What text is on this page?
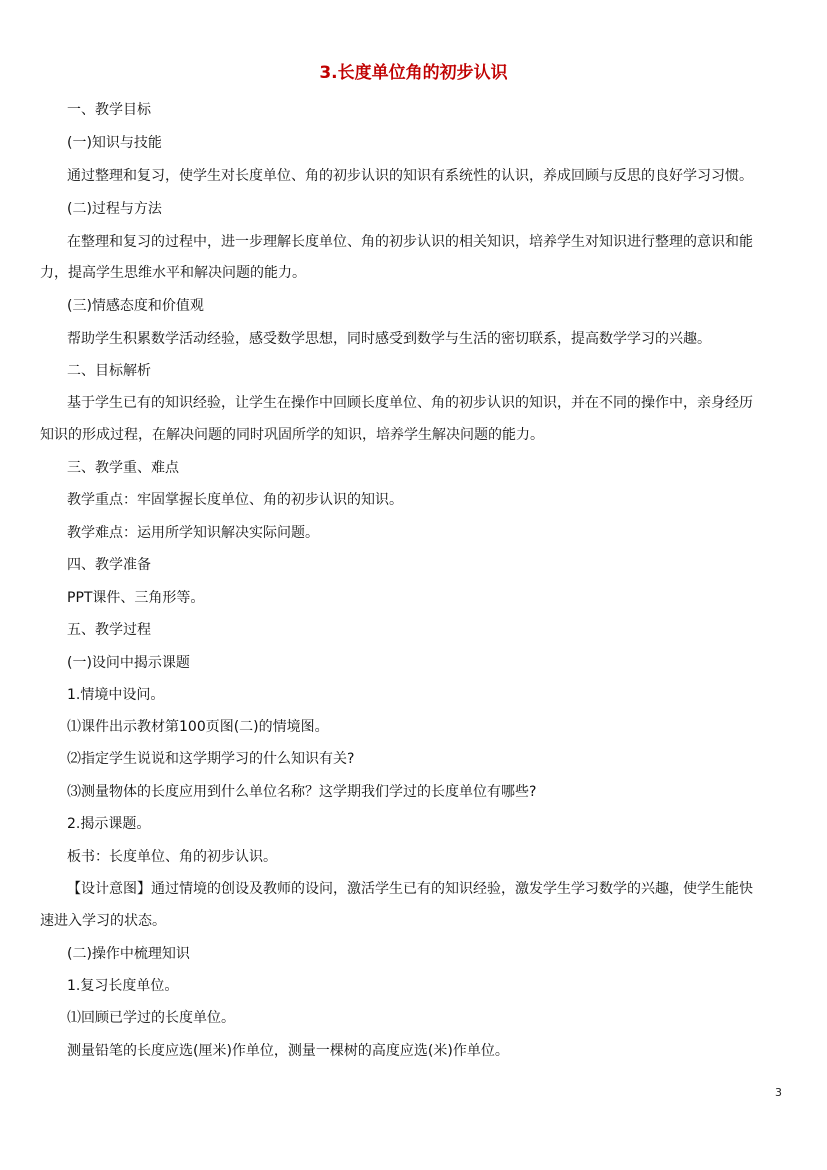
3.长度单位角的初步认识
一、教学目标
(一)知识与技能
通过整理和复习，使学生对长度单位、角的初步认识的知识有系统性的认识，养成回顾与反思的良好学习习惯。
(二)过程与方法
在整理和复习的过程中，进一步理解长度单位、角的初步认识的相关知识，培养学生对知识进行整理的意识和能
力，提高学生思维水平和解决问题的能力。
(三)情感态度和价值观
帮助学生积累数学活动经验，感受数学思想，同时感受到数学与生活的密切联系，提高数学学习的兴趣。
二、目标解析
基于学生已有的知识经验，让学生在操作中回顾长度单位、角的初步认识的知识，并在不同的操作中，亲身经历
知识的形成过程，在解决问题的同时巩固所学的知识，培养学生解决问题的能力。
三、教学重、难点
教学重点：牢固掌握长度单位、角的初步认识的知识。
教学难点：运用所学知识解决实际问题。
四、教学准备
PPT课件、三角形等。
五、教学过程
(一)设问中揭示课题
1.情境中设问。
⑴课件出示教材第100页图(二)的情境图。
⑵指定学生说说和这学期学习的什么知识有关?
⑶测量物体的长度应用到什么单位名称？这学期我们学过的长度单位有哪些?
2.揭示课题。
板书：长度单位、角的初步认识。
【设计意图】通过情境的创设及教师的设问，激活学生已有的知识经验，激发学生学习数学的兴趣，使学生能快
速进入学习的状态。
(二)操作中梳理知识
1.复习长度单位。
⑴回顾已学过的长度单位。
测量铅笔的长度应选(厘米)作单位，测量一棵树的高度应选(米)作单位。
3
